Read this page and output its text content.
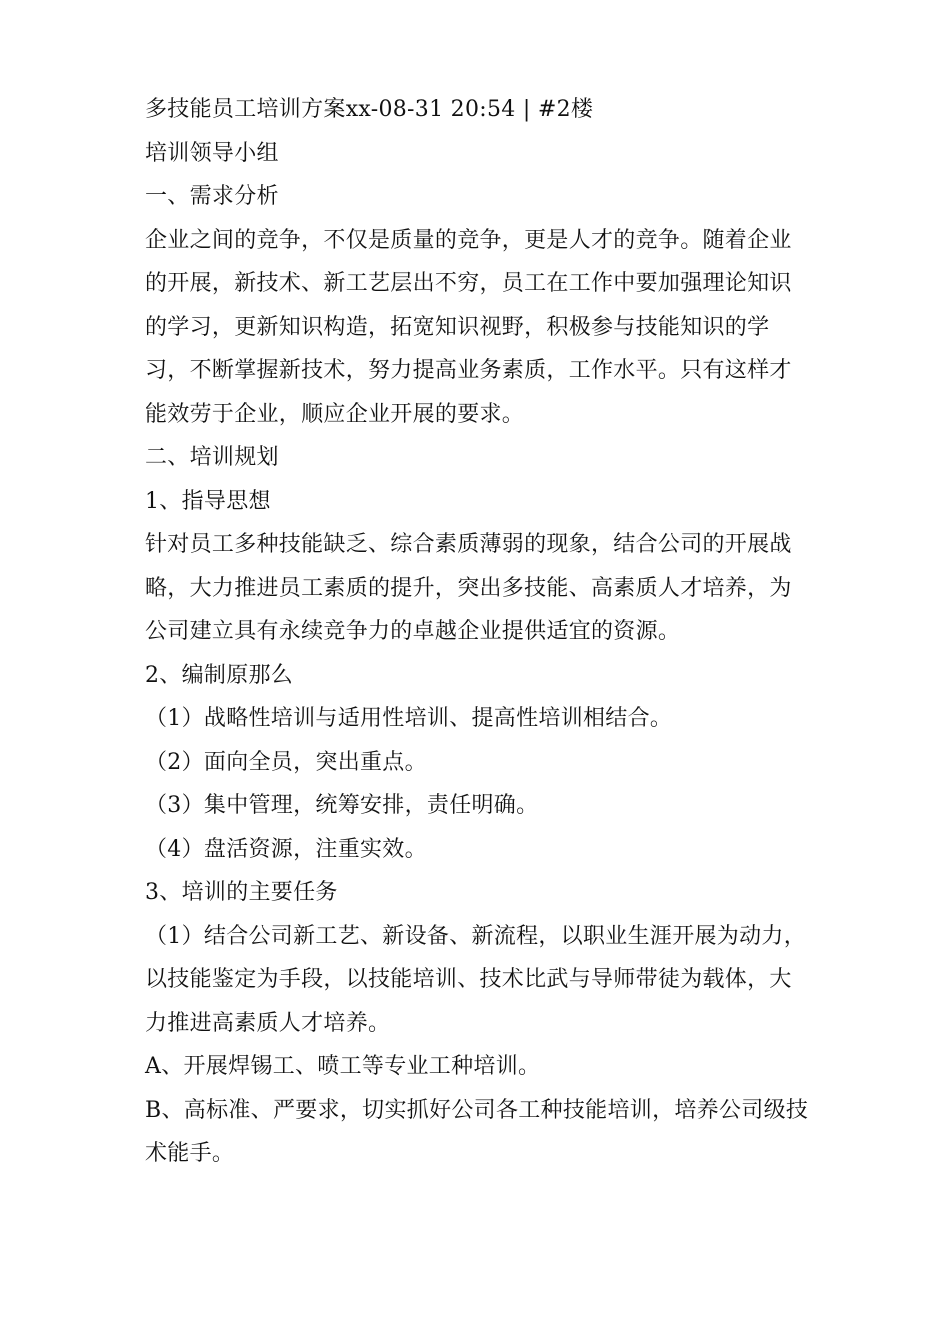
多技能员工培训方案xx-08-31 20:54 | #2楼
培训领导小组
一、需求分析
企业之间的竞争，不仅是质量的竞争，更是人才的竞争。随着企业
的开展，新技术、新工艺层出不穷，员工在工作中要加强理论知识
的学习，更新知识构造，拓宽知识视野，积极参与技能知识的学
习，不断掌握新技术，努力提高业务素质，工作水平。只有这样才
能效劳于企业，顺应企业开展的要求。
二、培训规划
1、指导思想
针对员工多种技能缺乏、综合素质薄弱的现象，结合公司的开展战
略，大力推进员工素质的提升，突出多技能、高素质人才培养，为
公司建立具有永续竞争力的卓越企业提供适宜的资源。
2、编制原那么
（1）战略性培训与适用性培训、提高性培训相结合。
（2）面向全员，突出重点。
（3）集中管理，统筹安排，责任明确。
（4）盘活资源，注重实效。
3、培训的主要任务
（1）结合公司新工艺、新设备、新流程，以职业生涯开展为动力，
以技能鉴定为手段，以技能培训、技术比武与导师带徒为载体，大
力推进高素质人才培养。
A、开展焊锡工、喷工等专业工种培训。
B、高标准、严要求，切实抓好公司各工种技能培训，培养公司级技
术能手。
